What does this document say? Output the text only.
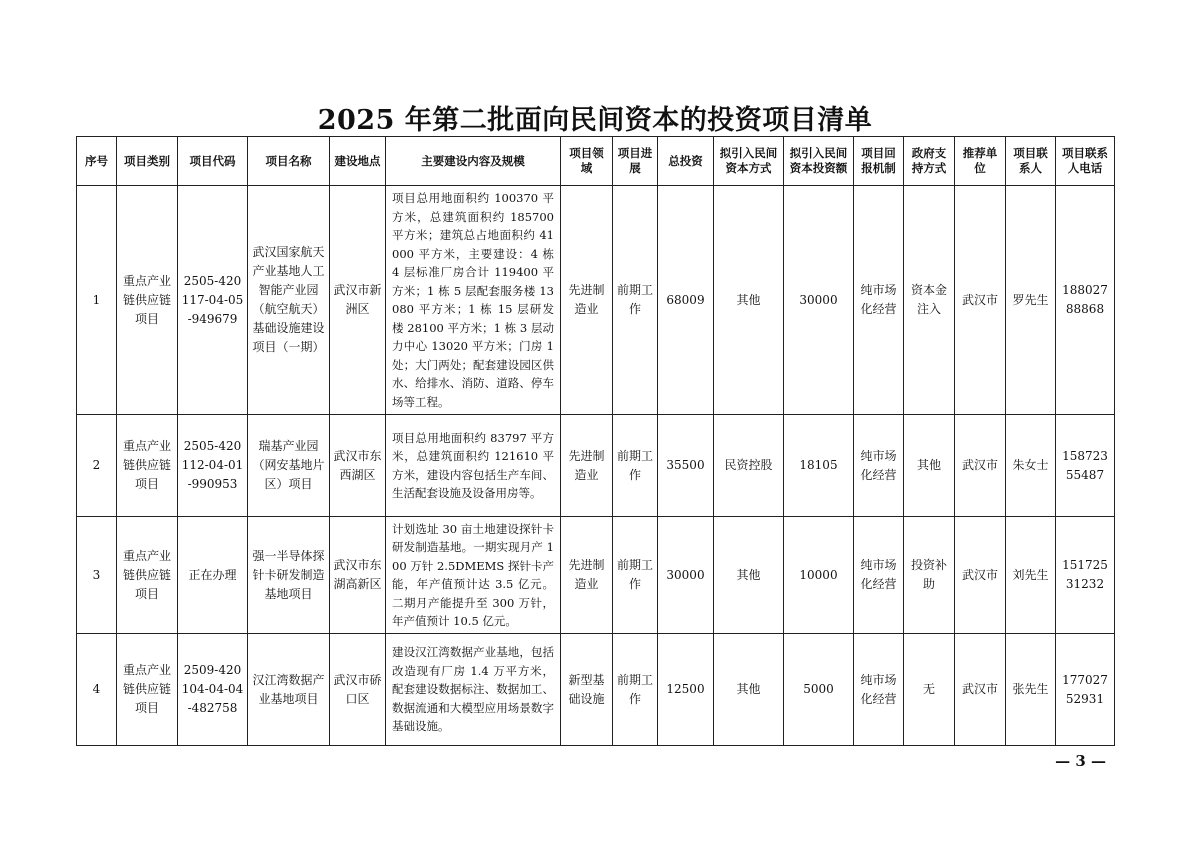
2025 年第二批面向民间资本的投资项目清单
序号	项目类别	项目代码	项目名称	建设地点	主要建设内容及规模	项目领域	项目进展	总投资	拟引入民间资本方式	拟引入民间资本投资额	项目回报机制	政府支持方式	推荐单位	项目联系人	项目联系人电话
1	重点产业链供应链项目	2505-420117-04-05-949679	武汉国家航天产业基地人工智能产业园（航空航天）基础设施建设项目（一期）	武汉市新洲区	项目总用地面积约 100370 平方米，总建筑面积约 185700 平方米；建筑总占地面积约 41000 平方米，主要建设：4 栋 4 层标准厂房合计 119400 平方米；1 栋 5 层配套服务楼 13080 平方米；1 栋 15 层研发楼 28100 平方米；1 栋 3 层动力中心 13020 平方米；门房 1 处；大门两处；配套建设园区供水、给排水、消防、道路、停车场等工程。	先进制造业	前期工作	68009	其他	30000	纯市场化经营	资本金注入	武汉市	罗先生	18802788868
2	重点产业链供应链项目	2505-420112-04-01-990953	瑞基产业园（网安基地片区）项目	武汉市东西湖区	项目总用地面积约 83797 平方米，总建筑面积约 121610 平方米，建设内容包括生产车间、生活配套设施及设备用房等。	先进制造业	前期工作	35500	民资控股	18105	纯市场化经营	其他	武汉市	朱女士	15872355487
3	重点产业链供应链项目	正在办理	强一半导体探针卡研发制造基地项目	武汉市东湖高新区	计划选址 30 亩土地建设探针卡研发制造基地。一期实现月产 100 万针 2.5DMEMS 探针卡产能，年产值预计达 3.5 亿元。二期月产能提升至 300 万针，年产值预计 10.5 亿元。	先进制造业	前期工作	30000	其他	10000	纯市场化经营	投资补助	武汉市	刘先生	15172531232
4	重点产业链供应链项目	2509-420104-04-04-482758	汉江湾数据产业基地项目	武汉市硚口区	建设汉江湾数据产业基地，包括改造现有厂房 1.4 万平方米，配套建设数据标注、数据加工、数据流通和大模型应用场景数字基础设施。	新型基础设施	前期工作	12500	其他	5000	纯市场化经营	无	武汉市	张先生	17702752931
— 3 —
